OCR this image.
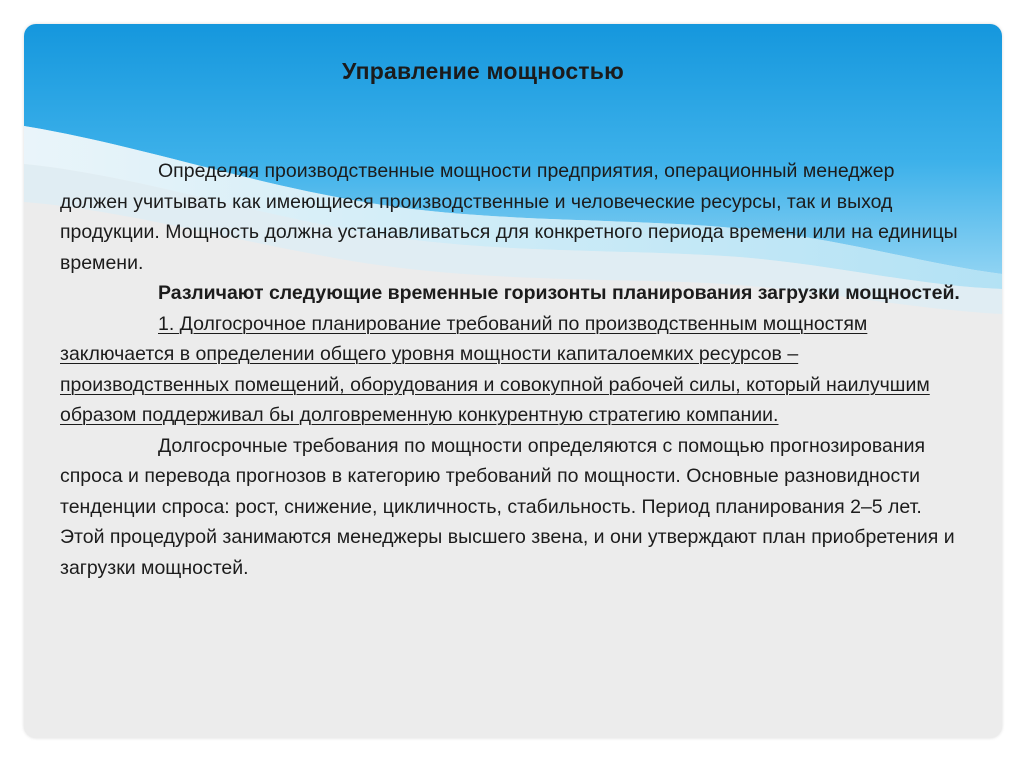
Управление мощностью

Определяя производственные мощности предприятия, операционный менеджер должен учитывать как имеющиеся производственные и человеческие ресурсы, так и выход продукции. Мощность должна устанавливаться для конкретного периода времени или на единицы времени.

Различают следующие временные горизонты планирования загрузки мощностей.

1. Долгосрочное планирование требований по производственным мощностям заключается в определении общего уровня мощности капиталоемких ресурсов – производственных помещений, оборудования и совокупной рабочей силы, который наилучшим образом поддерживал бы долговременную конкурентную стратегию компании.

Долгосрочные требования по мощности определяются с помощью прогнозирования спроса и перевода прогнозов в категорию требований по мощности. Основные разновидности тенденции спроса: рост, снижение, цикличность, стабильность. Период планирования 2–5 лет. Этой процедурой занимаются менеджеры высшего звена, и они утверждают план приобретения и загрузки мощностей.
